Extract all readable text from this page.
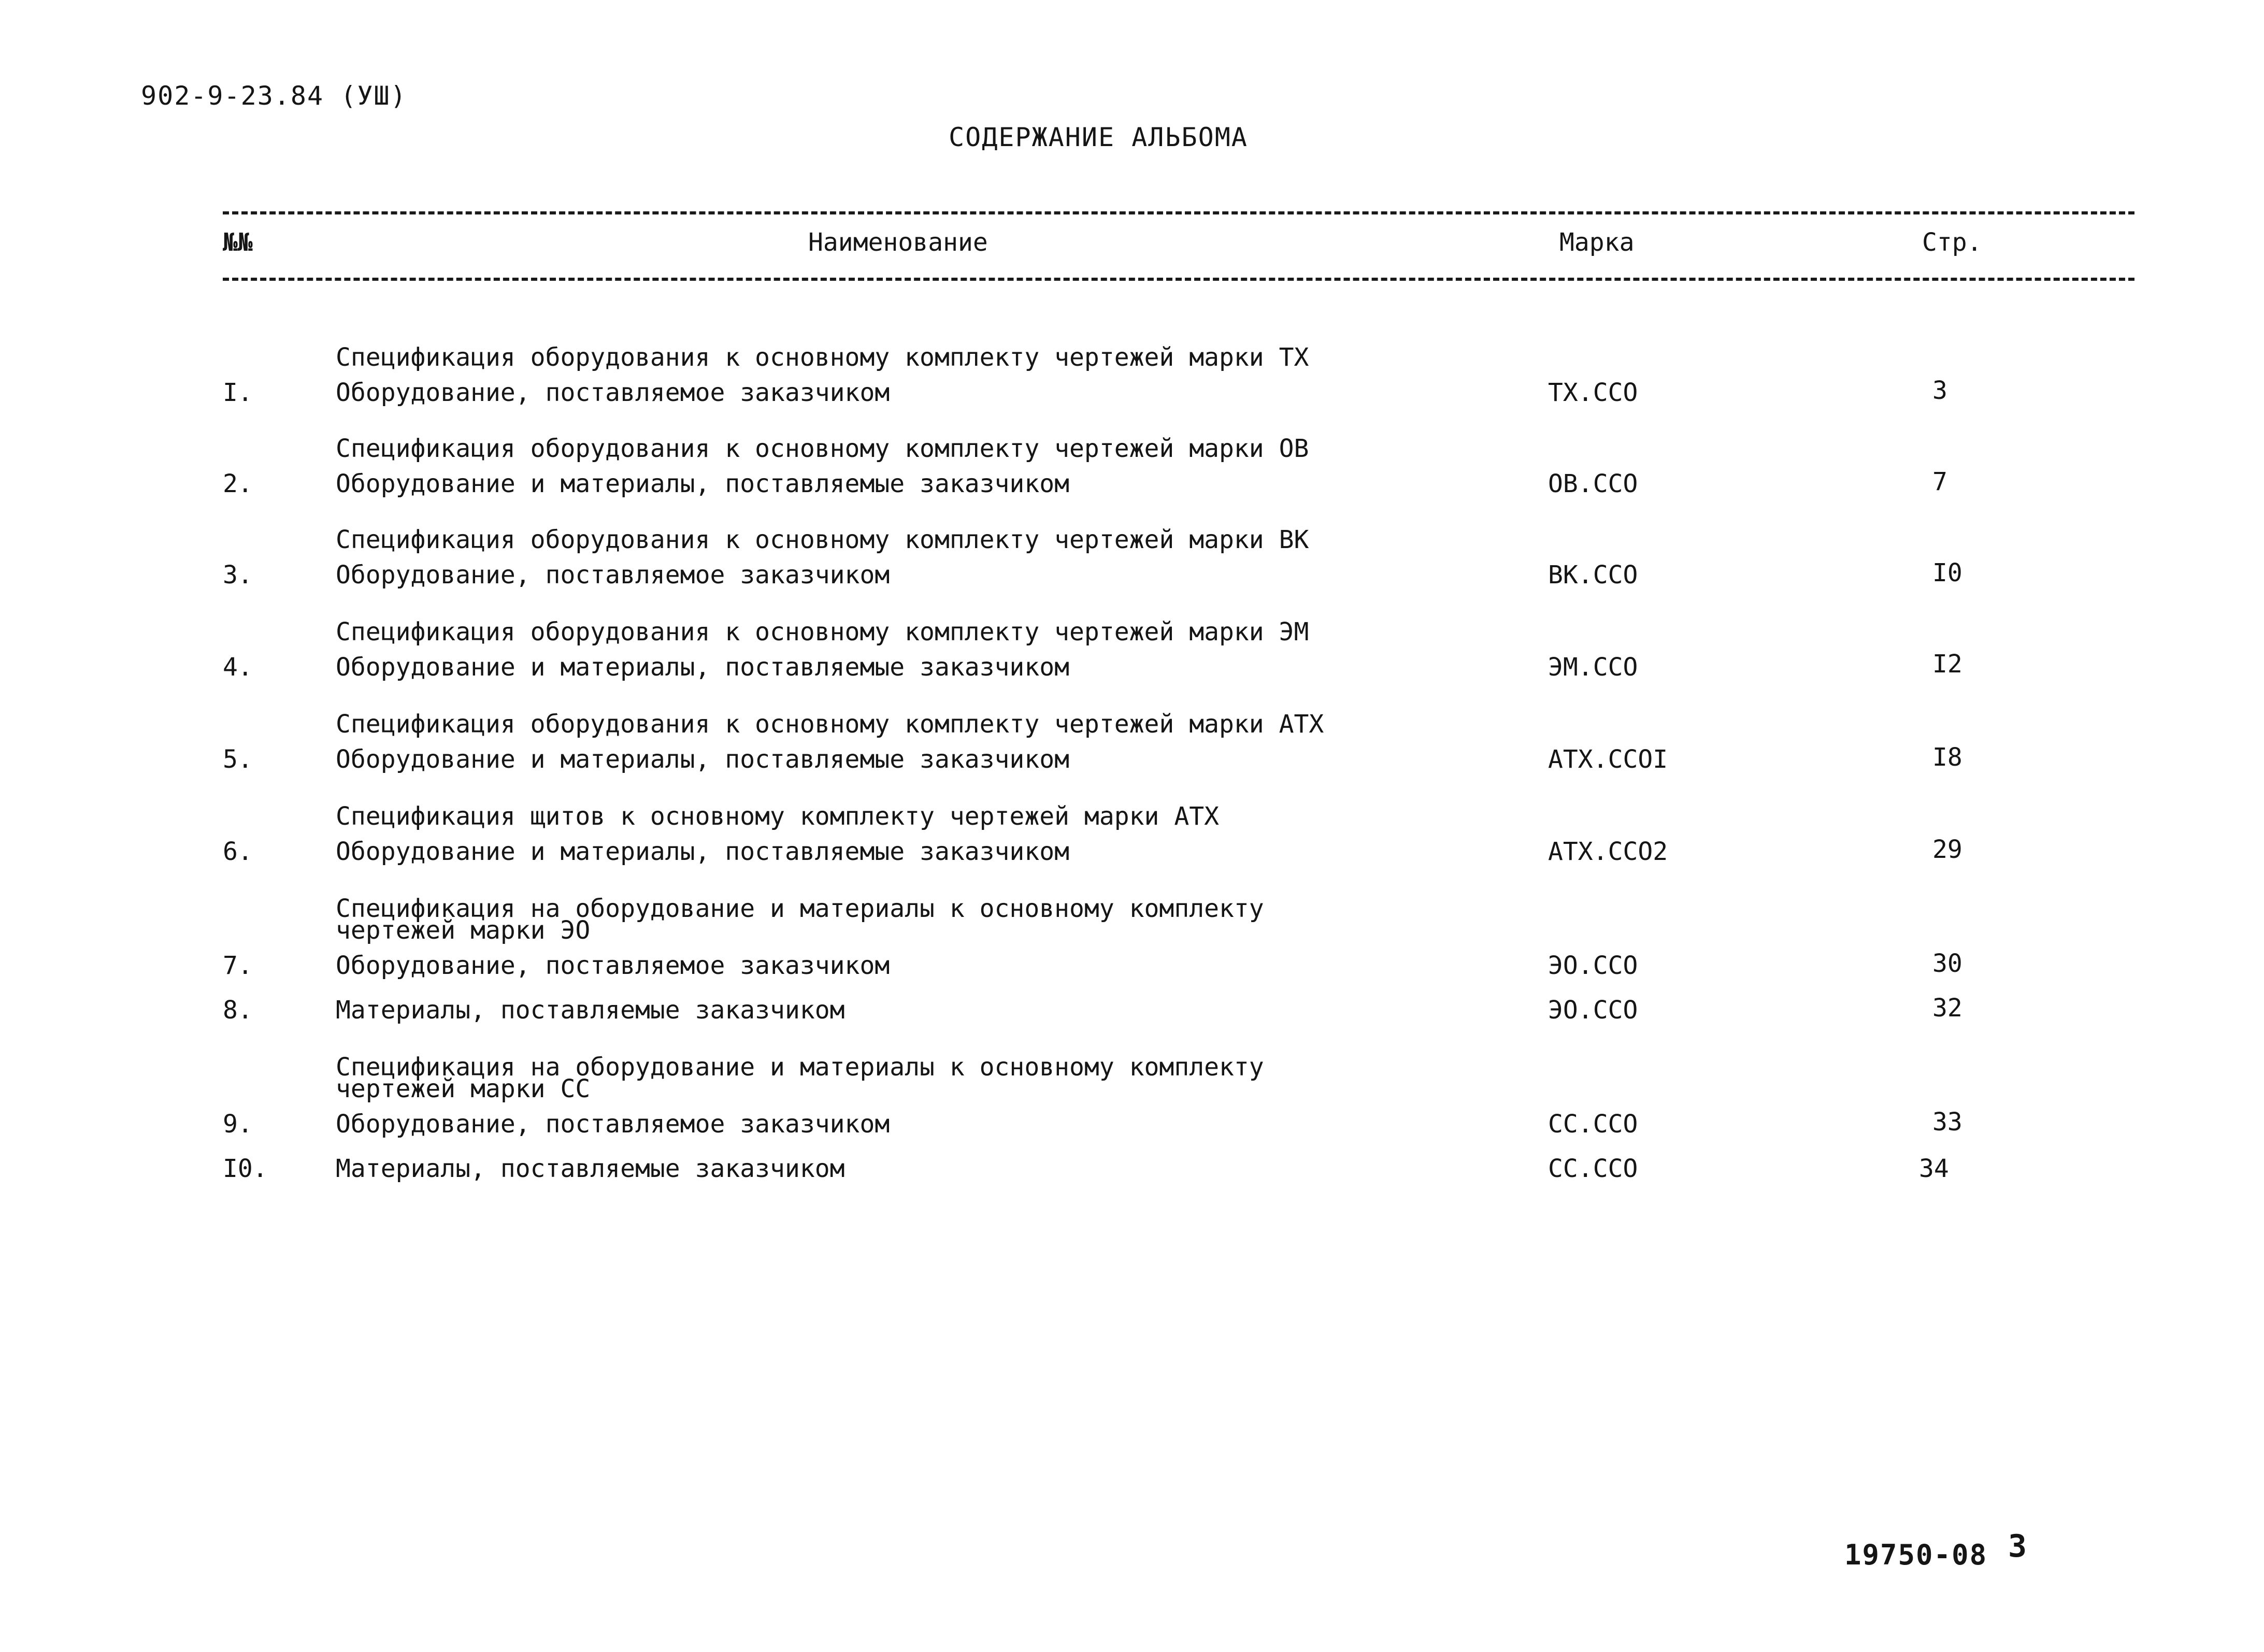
902-9-23.84 (УШ)
СОДЕРЖАНИЕ АЛЬБОМА
№№	Наименование	Марка	Стр.
Спецификация оборудования к основному комплекту чертежей марки ТХ
I.	Оборудование, поставляемое заказчиком	ТХ.ССО	3
Спецификация оборудования к основному комплекту чертежей марки ОВ
2.	Оборудование и материалы, поставляемые заказчиком	ОВ.ССО	7
Спецификация оборудования к основному комплекту чертежей марки ВК
3.	Оборудование, поставляемое заказчиком	ВК.ССО	I0
Спецификация оборудования к основному комплекту чертежей марки ЭМ
4.	Оборудование и материалы, поставляемые заказчиком	ЭМ.ССО	I2
Спецификация оборудования к основному комплекту чертежей марки АТХ
5.	Оборудование и материалы, поставляемые заказчиком	АТХ.ССОI	I8
Спецификация щитов к основному комплекту чертежей марки АТХ
6.	Оборудование и материалы, поставляемые заказчиком	АТХ.ССО2	29
Спецификация на оборудование и материалы к основному комплекту
чертежей марки ЭО
7.	Оборудование, поставляемое заказчиком	ЭО.ССО	30
8.	Материалы, поставляемые заказчиком	ЭО.ССО	32
Спецификация на оборудование и материалы к основному комплекту
чертежей марки СС
9.	Оборудование, поставляемое заказчиком	СС.ССО	33
I0.	Материалы, поставляемые заказчиком	СС.ССО	34
19750-08 3
